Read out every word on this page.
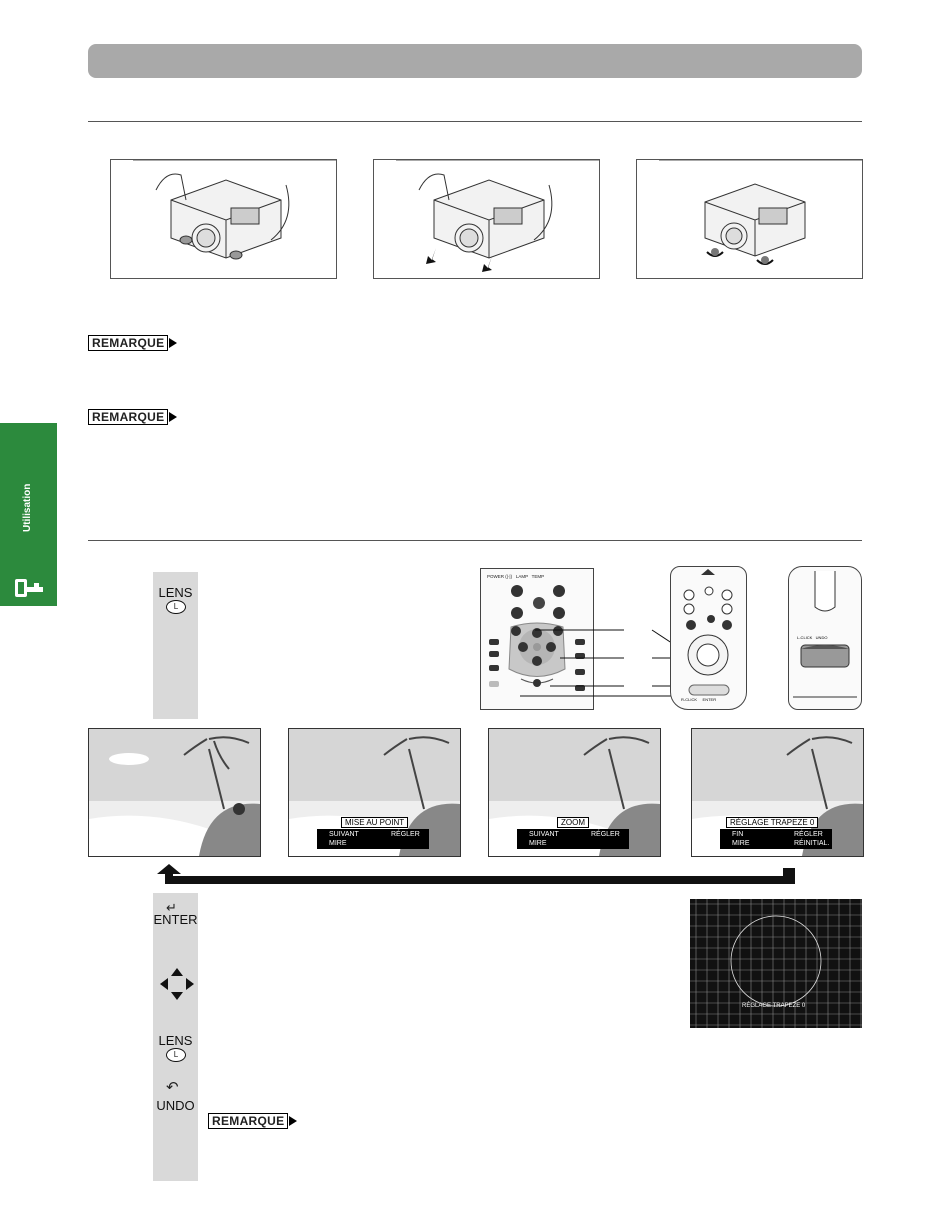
REMARQUE
REMARQUE
Utilisation
LENS
L
POWER (|·|)   LAMP   TEMP
R-CLICK     ENTER
L-CLICK   UNDO
MISE AU POINT
SUIVANT	RÉGLER
MIRE
ZOOM
SUIVANT	RÉGLER
MIRE
RÉGLAGE TRAPEZE 0
FIN	RÉGLER
MIRE	RÉINITIAL.
↵
ENTER
LENS
L
↶
UNDO
REMARQUE
RÉGLAGE TRAPEZE 0
